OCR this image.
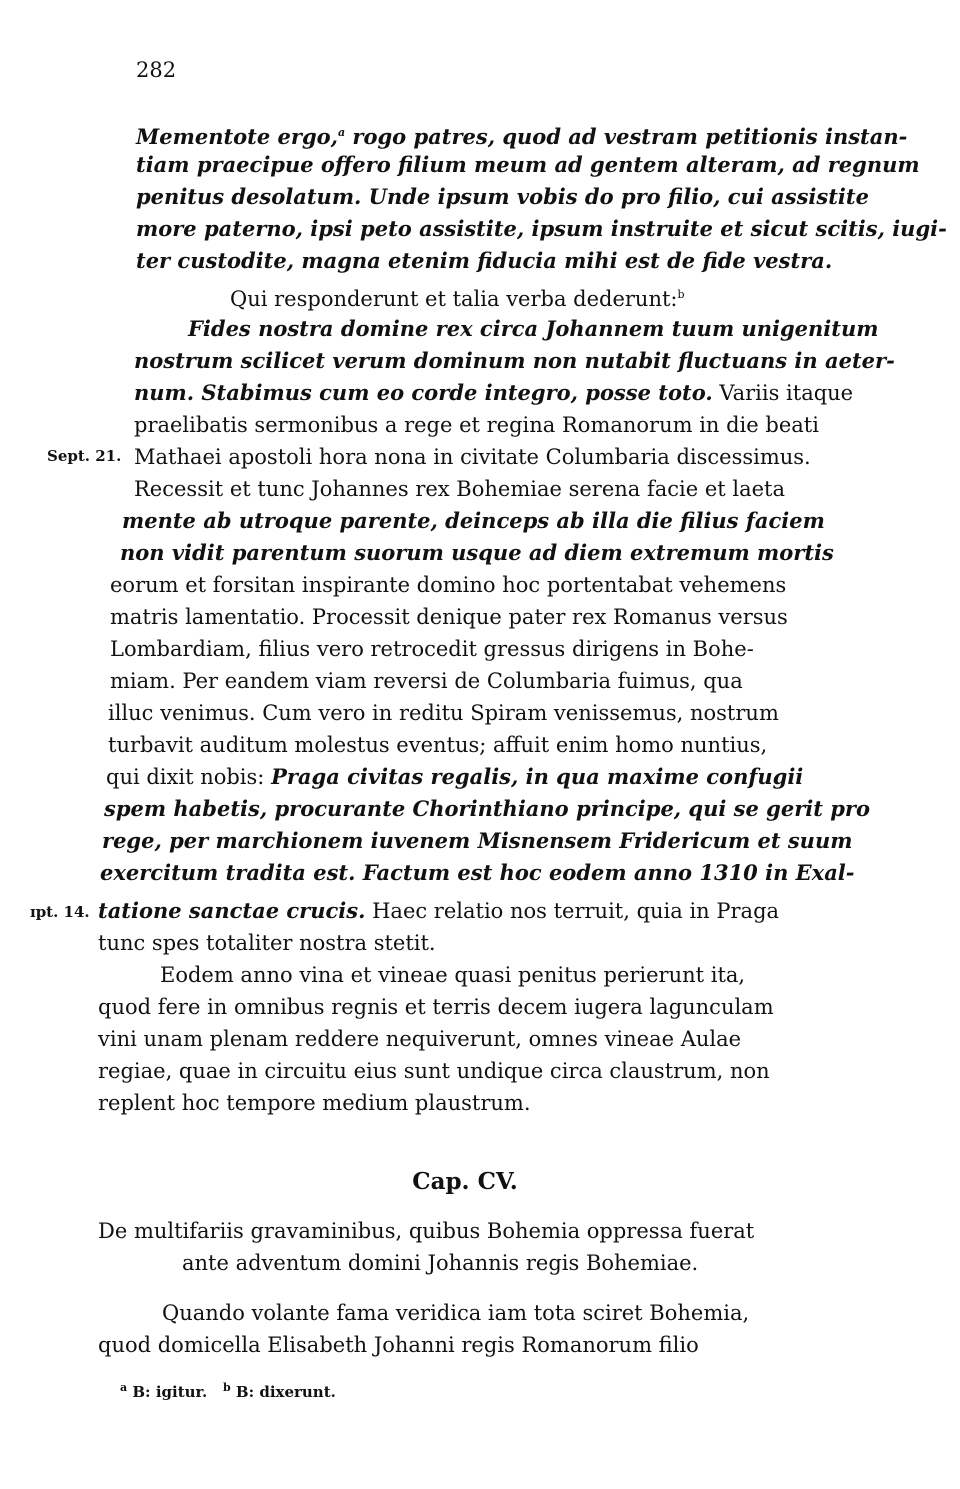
282
Mementote ergo,$^a$ rogo patres, quod ad vestram petitionis instan-
tiam praecipue offero filium meum ad gentem alteram, ad regnum
penitus desolatum. Unde ipsum vobis do pro filio, cui assistite
more paterno, ipsi peto assistite, ipsum instruite et sicut scitis, iugi-
ter custodite, magna etenim fiducia mihi est de fide vestra.
Qui responderunt et talia verba dederunt:$^b$
Fides nostra domine rex circa Johannem tuum unigenitum
nostrum scilicet verum dominum non nutabit fluctuans in aeter-
num. Stabimus cum eo corde integro, posse toto. Variis itaque
praelibatis sermonibus a rege et regina Romanorum in die beati
Sept. 21. Mathaei apostoli hora nona in civitate Columbaria discessimus.
Recessit et tunc Johannes rex Bohemiae serena facie et laeta
mente ab utroque parente, deinceps ab illa die filius faciem
non vidit parentum suorum usque ad diem extremum mortis
eorum et forsitan inspirante domino hoc portentabat vehemens
matris lamentatio. Processit denique pater rex Romanus versus
Lombardiam, filius vero retrocedit gressus dirigens in Bohe-
miam. Per eandem viam reversi de Columbaria fuimus, qua
illuc venimus. Cum vero in reditu Spiram venissemus, nostrum
turbavit auditum molestus eventus; affuit enim homo nuntius,
qui dixit nobis: Praga civitas regalis, in qua maxime confugii
spem habetis, procurante Chorinthiano principe, qui se gerit pro
rege, per marchionem iuvenem Misnensem Fridericum et suum
exercitum tradita est. Factum est hoc eodem anno 1310 in Exal-
ɪpt. 14. tatione sanctae crucis. Haec relatio nos terruit, quia in Praga
tunc spes totaliter nostra stetit.
Eodem anno vina et vineae quasi penitus perierunt ita,
quod fere in omnibus regnis et terris decem iugera lagunculam
vini unam plenam reddere nequiverunt, omnes vineae Aulae
regiae, quae in circuitu eius sunt undique circa claustrum, non
replent hoc tempore medium plaustrum.
Cap. CV.
De multifariis gravaminibus, quibus Bohemia oppressa fuerat
ante adventum domini Johannis regis Bohemiae.
Quando volante fama veridica iam tota sciret Bohemia,
quod domicella Elisabeth Johanni regis Romanorum filio
$^a$ B: igitur. $^b$ B: dixerunt.
